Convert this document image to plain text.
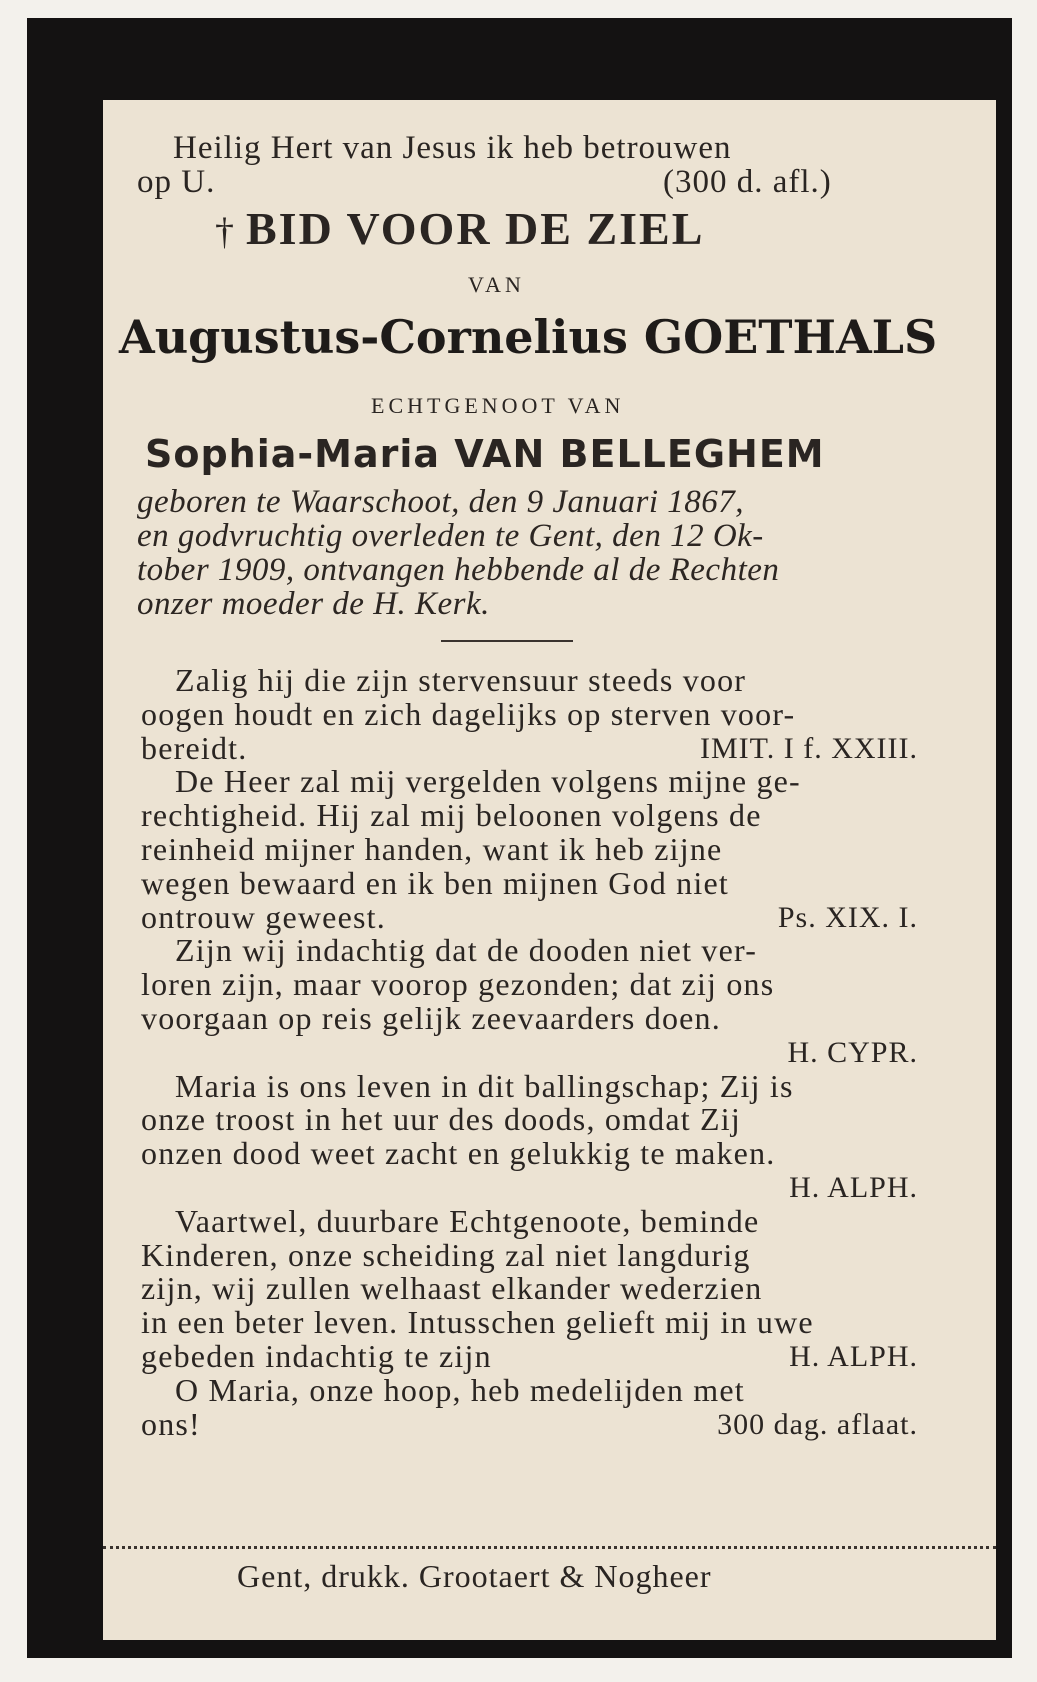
Heilig Hert van Jesus ik heb betrouwen
op U.	(300 d. afl.)
† BID VOOR DE ZIEL
VAN
Augustus-Cornelius GOETHALS
ECHTGENOOT VAN
Sophia-Maria VAN BELLEGHEM
geboren te Waarschoot, den 9 Januari 1867,
en godvruchtig overleden te Gent, den 12 Ok-
tober 1909, ontvangen hebbende al de Rechten
onzer moeder de H. Kerk.
Zalig hij die zijn stervensuur steeds voor
oogen houdt en zich dagelijks op sterven voor-
bereidt.	IMIT. I f. XXIII.
De Heer zal mij vergelden volgens mijne ge-
rechtigheid. Hij zal mij beloonen volgens de
reinheid mijner handen, want ik heb zijne
wegen bewaard en ik ben mijnen God niet
ontrouw geweest.	Ps. XIX. I.
Zijn wij indachtig dat de dooden niet ver-
loren zijn, maar voorop gezonden; dat zij ons
voorgaan op reis gelijk zeevaarders doen.
H. CYPR.
Maria is ons leven in dit ballingschap; Zij is
onze troost in het uur des doods, omdat Zij
onzen dood weet zacht en gelukkig te maken.
H. ALPH.
Vaartwel, duurbare Echtgenoote, beminde
Kinderen, onze scheiding zal niet langdurig
zijn, wij zullen welhaast elkander wederzien
in een beter leven. Intusschen gelieft mij in uwe
gebeden indachtig te zijn	H. ALPH.
O Maria, onze hoop, heb medelijden met
ons!	300 dag. aflaat.
Gent, drukk. Grootaert & Nogheer
